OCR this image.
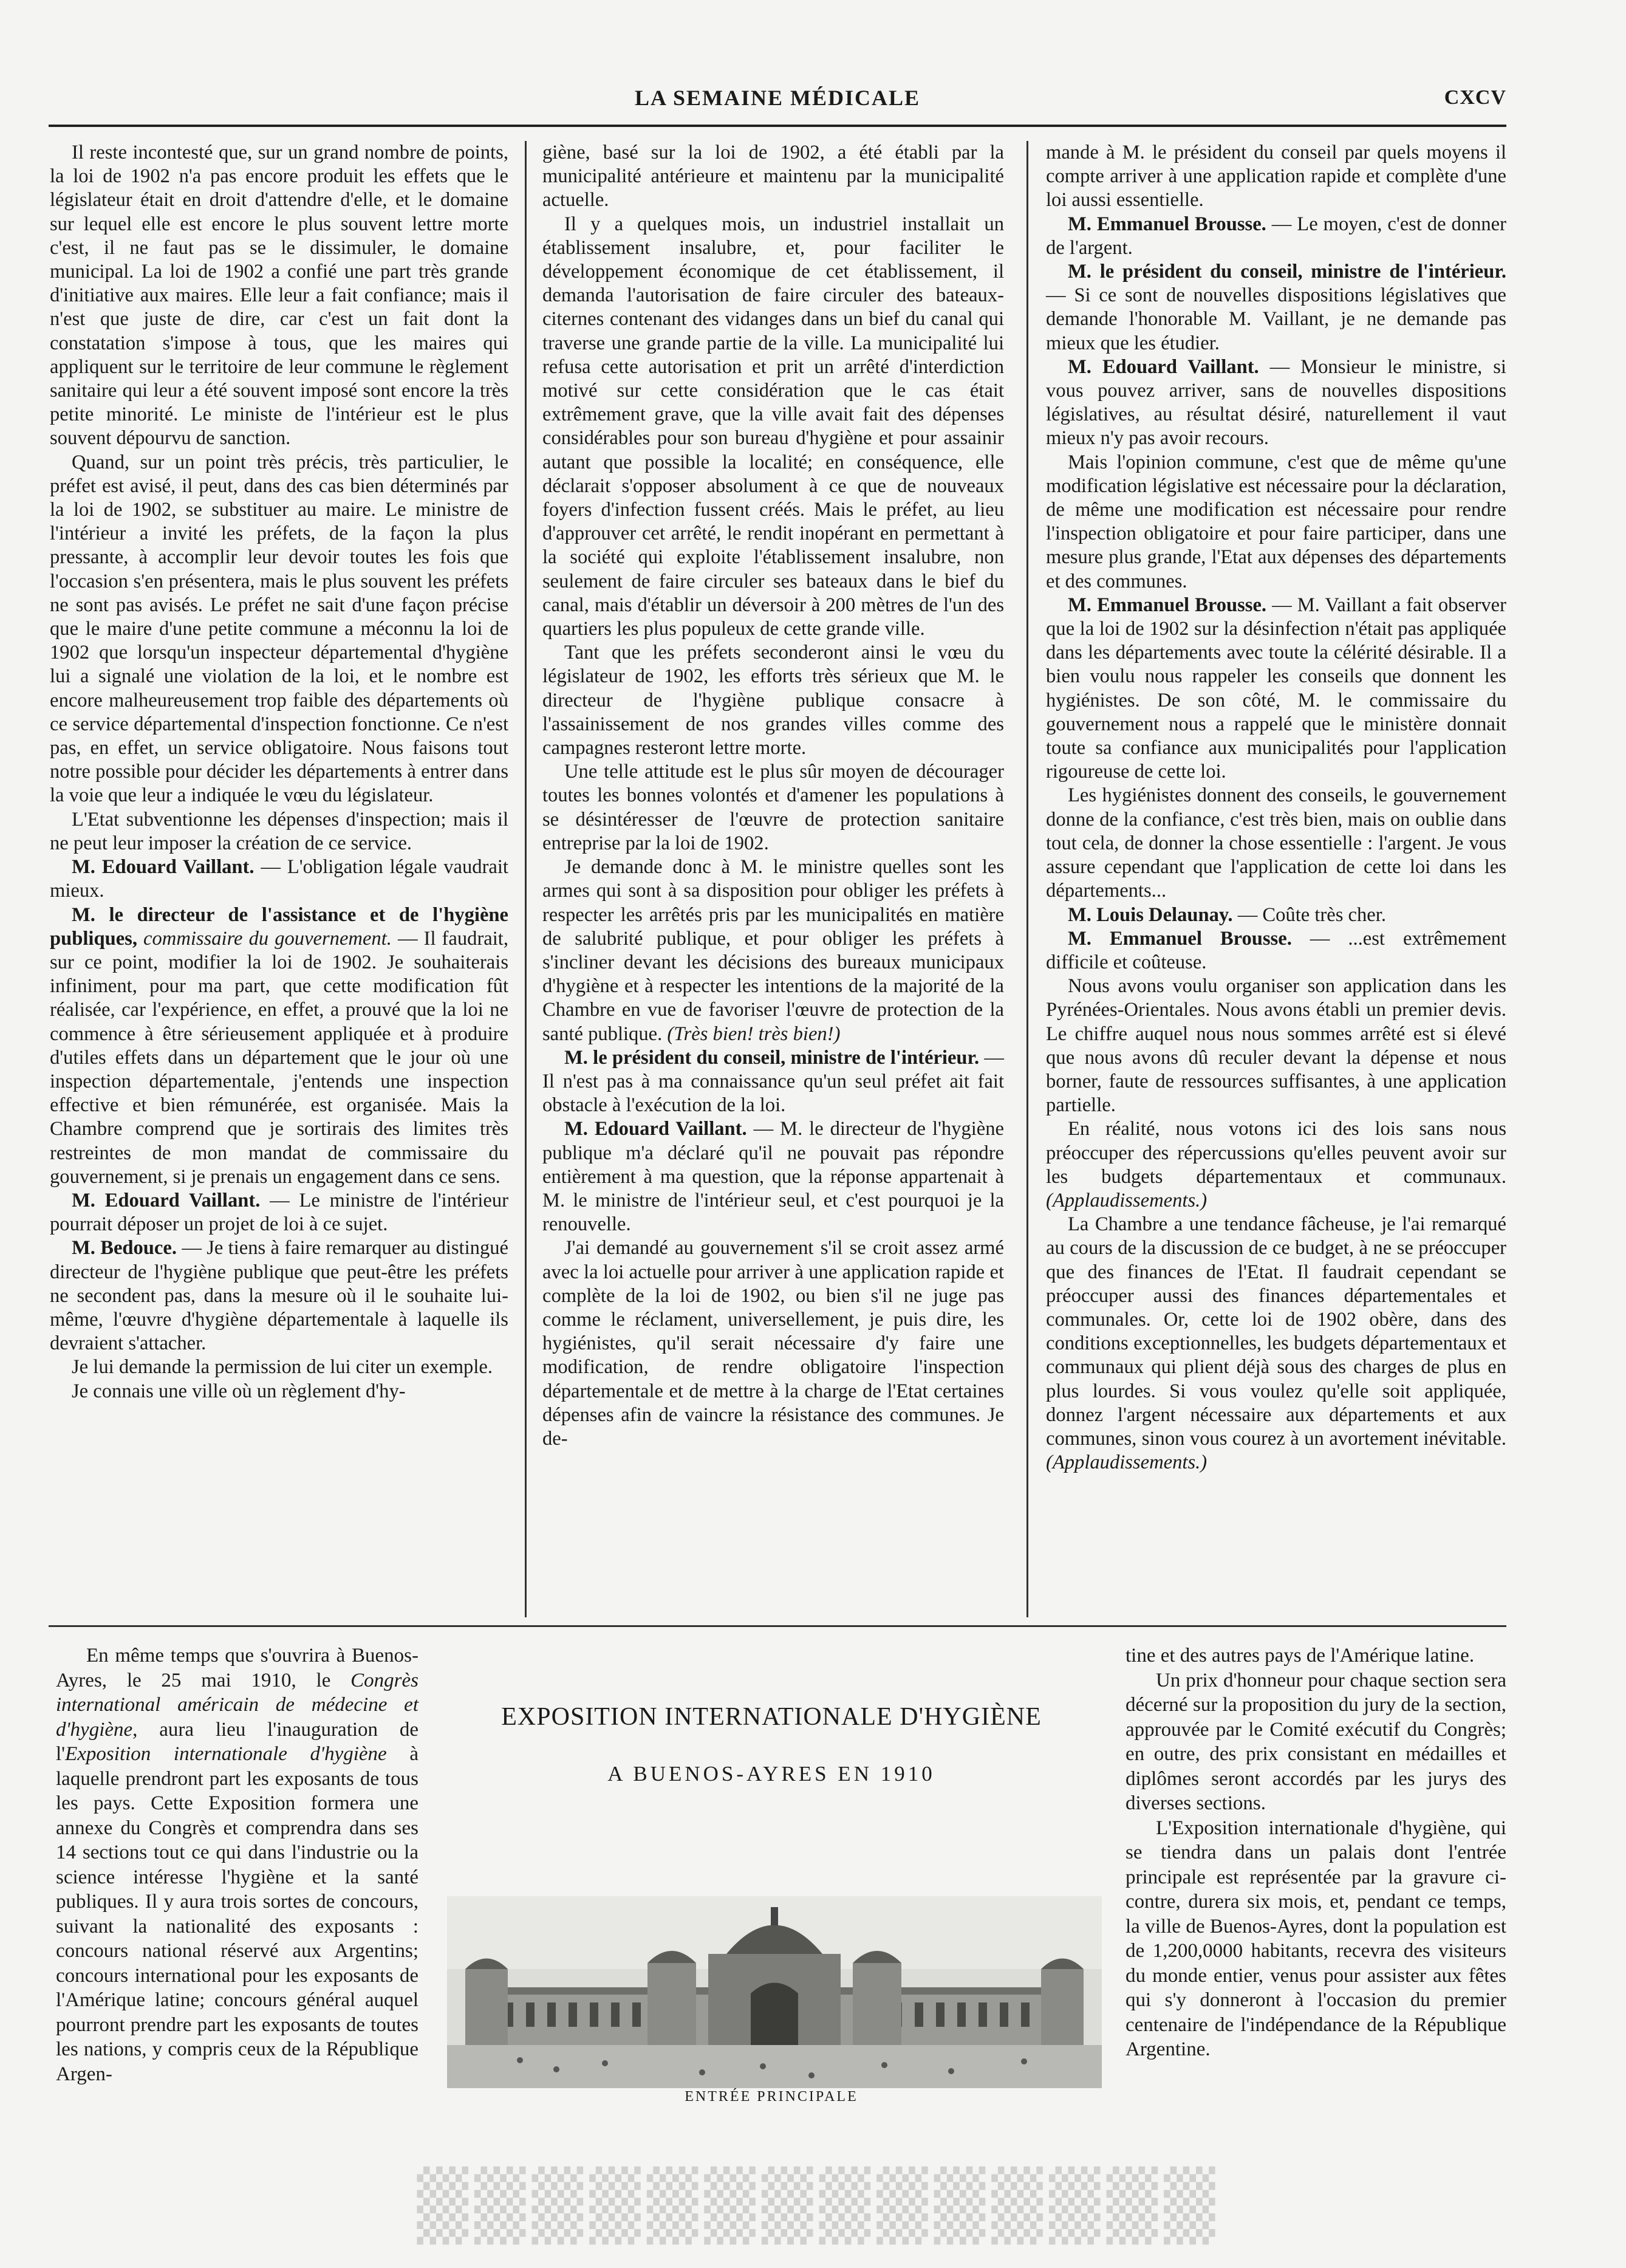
LA SEMAINE MÉDICALE	CXCV

Il reste incontesté que, sur un grand nombre de points, la loi de 1902 n'a pas encore produit les effets que le législateur était en droit d'attendre d'elle, et le domaine sur lequel elle est encore le plus souvent lettre morte c'est, il ne faut pas se le dissimuler, le domaine municipal. La loi de 1902 a confié une part très grande d'initiative aux maires. Elle leur a fait confiance; mais il n'est que juste de dire, car c'est un fait dont la constatation s'impose à tous, que les maires qui appliquent sur le territoire de leur commune le règlement sanitaire qui leur a été souvent imposé sont encore la très petite minorité. Le ministe de l'intérieur est le plus souvent dépourvu de sanction.

Quand, sur un point très précis, très particulier, le préfet est avisé, il peut, dans des cas bien déterminés par la loi de 1902, se substituer au maire. Le ministre de l'intérieur a invité les préfets, de la façon la plus pressante, à accomplir leur devoir toutes les fois que l'occasion s'en présentera, mais le plus souvent les préfets ne sont pas avisés. Le préfet ne sait d'une façon précise que le maire d'une petite commune a méconnu la loi de 1902 que lorsqu'un inspecteur départemental d'hygiène lui a signalé une violation de la loi, et le nombre est encore malheureusement trop faible des départements où ce service départemental d'inspection fonctionne. Ce n'est pas, en effet, un service obligatoire. Nous faisons tout notre possible pour décider les départements à entrer dans la voie que leur a indiquée le vœu du législateur.

L'Etat subventionne les dépenses d'inspection; mais il ne peut leur imposer la création de ce service.

M. Edouard Vaillant. — L'obligation légale vaudrait mieux.

M. le directeur de l'assistance et de l'hygiène publiques, commissaire du gouvernement. — Il faudrait, sur ce point, modifier la loi de 1902. Je souhaiterais infiniment, pour ma part, que cette modification fût réalisée, car l'expérience, en effet, a prouvé que la loi ne commence à être sérieusement appliquée et à produire d'utiles effets dans un département que le jour où une inspection départementale, j'entends une inspection effective et bien rémunérée, est organisée. Mais la Chambre comprend que je sortirais des limites très restreintes de mon mandat de commissaire du gouvernement, si je prenais un engagement dans ce sens.

M. Edouard Vaillant. — Le ministre de l'intérieur pourrait déposer un projet de loi à ce sujet.

M. Bedouce. — Je tiens à faire remarquer au distingué directeur de l'hygiène publique que peut-être les préfets ne secondent pas, dans la mesure où il le souhaite lui-même, l'œuvre d'hygiène départementale à laquelle ils devraient s'attacher.

Je lui demande la permission de lui citer un exemple.

Je connais une ville où un règlement d'hy-

giène, basé sur la loi de 1902, a été établi par la municipalité antérieure et maintenu par la municipalité actuelle.

Il y a quelques mois, un industriel installait un établissement insalubre, et, pour faciliter le développement économique de cet établissement, il demanda l'autorisation de faire circuler des bateaux-citernes contenant des vidanges dans un bief du canal qui traverse une grande partie de la ville. La municipalité lui refusa cette autorisation et prit un arrêté d'interdiction motivé sur cette considération que le cas était extrêmement grave, que la ville avait fait des dépenses considérables pour son bureau d'hygiène et pour assainir autant que possible la localité; en conséquence, elle déclarait s'opposer absolument à ce que de nouveaux foyers d'infection fussent créés. Mais le préfet, au lieu d'approuver cet arrêté, le rendit inopérant en permettant à la société qui exploite l'établissement insalubre, non seulement de faire circuler ses bateaux dans le bief du canal, mais d'établir un déversoir à 200 mètres de l'un des quartiers les plus populeux de cette grande ville.

Tant que les préfets seconderont ainsi le vœu du législateur de 1902, les efforts très sérieux que M. le directeur de l'hygiène publique consacre à l'assainissement de nos grandes villes comme des campagnes resteront lettre morte.

Une telle attitude est le plus sûr moyen de décourager toutes les bonnes volontés et d'amener les populations à se désintéresser de l'œuvre de protection sanitaire entreprise par la loi de 1902.

Je demande donc à M. le ministre quelles sont les armes qui sont à sa disposition pour obliger les préfets à respecter les arrêtés pris par les municipalités en matière de salubrité publique, et pour obliger les préfets à s'incliner devant les décisions des bureaux municipaux d'hygiène et à respecter les intentions de la majorité de la Chambre en vue de favoriser l'œuvre de protection de la santé publique. (Très bien! très bien!)

M. le président du conseil, ministre de l'intérieur. — Il n'est pas à ma connaissance qu'un seul préfet ait fait obstacle à l'exécution de la loi.

M. Edouard Vaillant. — M. le directeur de l'hygiène publique m'a déclaré qu'il ne pouvait pas répondre entièrement à ma question, que la réponse appartenait à M. le ministre de l'intérieur seul, et c'est pourquoi je la renouvelle.

J'ai demandé au gouvernement s'il se croit assez armé avec la loi actuelle pour arriver à une application rapide et complète de la loi de 1902, ou bien s'il ne juge pas comme le réclament, universellement, je puis dire, les hygiénistes, qu'il serait nécessaire d'y faire une modification, de rendre obligatoire l'inspection départementale et de mettre à la charge de l'Etat certaines dépenses afin de vaincre la résistance des communes. Je de-

mande à M. le président du conseil par quels moyens il compte arriver à une application rapide et complète d'une loi aussi essentielle.

M. Emmanuel Brousse. — Le moyen, c'est de donner de l'argent.

M. le président du conseil, ministre de l'intérieur. — Si ce sont de nouvelles dispositions législatives que demande l'honorable M. Vaillant, je ne demande pas mieux que les étudier.

M. Edouard Vaillant. — Monsieur le ministre, si vous pouvez arriver, sans de nouvelles dispositions législatives, au résultat désiré, naturellement il vaut mieux n'y pas avoir recours.

Mais l'opinion commune, c'est que de même qu'une modification législative est nécessaire pour la déclaration, de même une modification est nécessaire pour rendre l'inspection obligatoire et pour faire participer, dans une mesure plus grande, l'Etat aux dépenses des départements et des communes.

M. Emmanuel Brousse. — M. Vaillant a fait observer que la loi de 1902 sur la désinfection n'était pas appliquée dans les départements avec toute la célérité désirable. Il a bien voulu nous rappeler les conseils que donnent les hygiénistes. De son côté, M. le commissaire du gouvernement nous a rappelé que le ministère donnait toute sa confiance aux municipalités pour l'application rigoureuse de cette loi.

Les hygiénistes donnent des conseils, le gouvernement donne de la confiance, c'est très bien, mais on oublie dans tout cela, de donner la chose essentielle : l'argent. Je vous assure cependant que l'application de cette loi dans les départements...

M. Louis Delaunay. — Coûte très cher.

M. Emmanuel Brousse. — ...est extrêmement difficile et coûteuse.

Nous avons voulu organiser son application dans les Pyrénées-Orientales. Nous avons établi un premier devis. Le chiffre auquel nous nous sommes arrêté est si élevé que nous avons dû reculer devant la dépense et nous borner, faute de ressources suffisantes, à une application partielle.

En réalité, nous votons ici des lois sans nous préoccuper des répercussions qu'elles peuvent avoir sur les budgets départementaux et communaux. (Applaudissements.)

La Chambre a une tendance fâcheuse, je l'ai remarqué au cours de la discussion de ce budget, à ne se préoccuper que des finances de l'Etat. Il faudrait cependant se préoccuper aussi des finances départementales et communales. Or, cette loi de 1902 obère, dans des conditions exceptionnelles, les budgets départementaux et communaux qui plient déjà sous des charges de plus en plus lourdes. Si vous voulez qu'elle soit appliquée, donnez l'argent nécessaire aux départements et aux communes, sinon vous courez à un avortement inévitable. (Applaudissements.)

En même temps que s'ouvrira à Buenos-Ayres, le 25 mai 1910, le Congrès international américain de médecine et d'hygiène, aura lieu l'inauguration de l'Exposition internationale d'hygiène à laquelle prendront part les exposants de tous les pays. Cette Exposition formera une annexe du Congrès et comprendra dans ses 14 sections tout ce qui dans l'industrie ou la science intéresse l'hygiène et la santé publiques. Il y aura trois sortes de concours, suivant la nationalité des exposants : concours national réservé aux Argentins; concours international pour les exposants de l'Amérique latine; concours général auquel pourront prendre part les exposants de toutes les nations, y compris ceux de la République Argen-

EXPOSITION INTERNATIONALE D'HYGIÈNE
A BUENOS-AYRES EN 1910
ENTRÉE PRINCIPALE

tine et des autres pays de l'Amérique latine.

Un prix d'honneur pour chaque section sera décerné sur la proposition du jury de la section, approuvée par le Comité exécutif du Congrès; en outre, des prix consistant en médailles et diplômes seront accordés par les jurys des diverses sections.

L'Exposition internationale d'hygiène, qui se tiendra dans un palais dont l'entrée principale est représentée par la gravure ci-contre, durera six mois, et, pendant ce temps, la ville de Buenos-Ayres, dont la population est de 1,200,0000 habitants, recevra des visiteurs du monde entier, venus pour assister aux fêtes qui s'y donneront à l'occasion du premier centenaire de l'indépendance de la République Argentine.

▒▒▒▒▒▒▒▒▒▒▒▒▒▒
